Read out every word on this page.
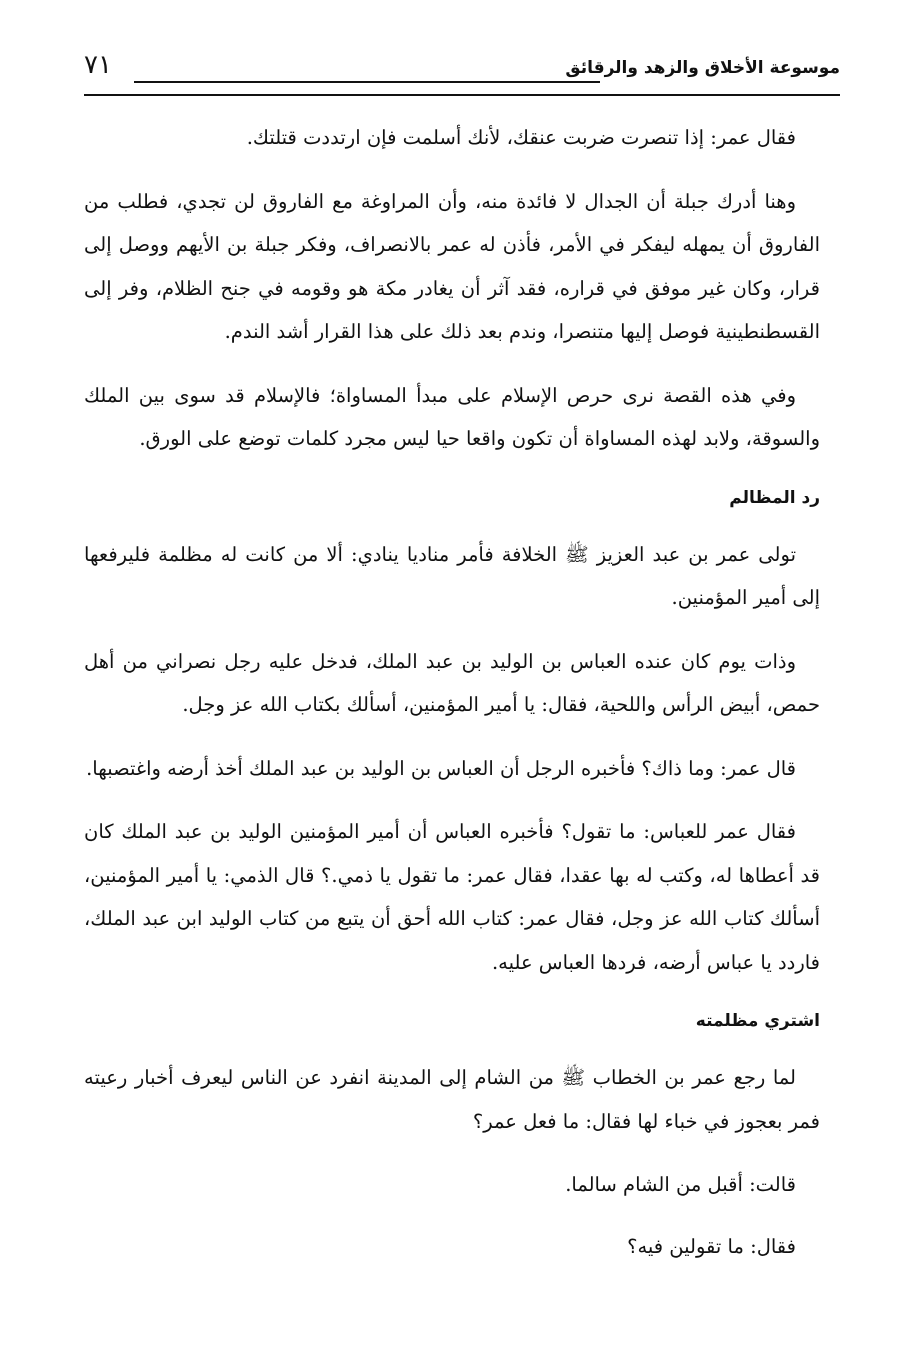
موسوعة الأخلاق والزهد والرقائق
٧١

فقال عمر: إذا تنصرت ضربت عنقك، لأنك أسلمت فإن ارتددت قتلتك.

وهنا أدرك جبلة أن الجدال لا فائدة منه، وأن المراوغة مع الفاروق لن تجدي، فطلب من الفاروق أن يمهله ليفكر في الأمر، فأذن له عمر بالانصراف، وفكر جبلة بن الأيهم ووصل إلى قرار، وكان غير موفق في قراره، فقد آثر أن يغادر مكة هو وقومه في جنح الظلام، وفر إلى القسطنطينية فوصل إليها متنصرا، وندم بعد ذلك على هذا القرار أشد الندم.

وفي هذه القصة نرى حرص الإسلام على مبدأ المساواة؛ فالإسلام قد سوى بين الملك والسوقة، ولابد لهذه المساواة أن تكون واقعا حيا ليس مجرد كلمات توضع على الورق.

رد المظالم

تولى عمر بن عبد العزيز ﷺ الخلافة فأمر مناديا ينادي: ألا من كانت له مظلمة فليرفعها إلى أمير المؤمنين.

وذات يوم كان عنده العباس بن الوليد بن عبد الملك، فدخل عليه رجل نصراني من أهل حمص، أبيض الرأس واللحية، فقال: يا أمير المؤمنين، أسألك بكتاب الله عز وجل.

قال عمر: وما ذاك؟ فأخبره الرجل أن العباس بن الوليد بن عبد الملك أخذ أرضه واغتصبها.

فقال عمر للعباس: ما تقول؟ فأخبره العباس أن أمير المؤمنين الوليد بن عبد الملك كان قد أعطاها له، وكتب له بها عقدا، فقال عمر: ما تقول يا ذمي.؟ قال الذمي: يا أمير المؤمنين، أسألك كتاب الله عز وجل، فقال عمر: كتاب الله أحق أن يتبع من كتاب الوليد ابن عبد الملك، فاردد يا عباس أرضه، فردها العباس عليه.

اشتري مظلمته

لما رجع عمر بن الخطاب ﷺ من الشام إلى المدينة انفرد عن الناس ليعرف أخبار رعيته فمر بعجوز في خباء لها فقال: ما فعل عمر؟

قالت: أقبل من الشام سالما.

فقال: ما تقولين فيه؟
